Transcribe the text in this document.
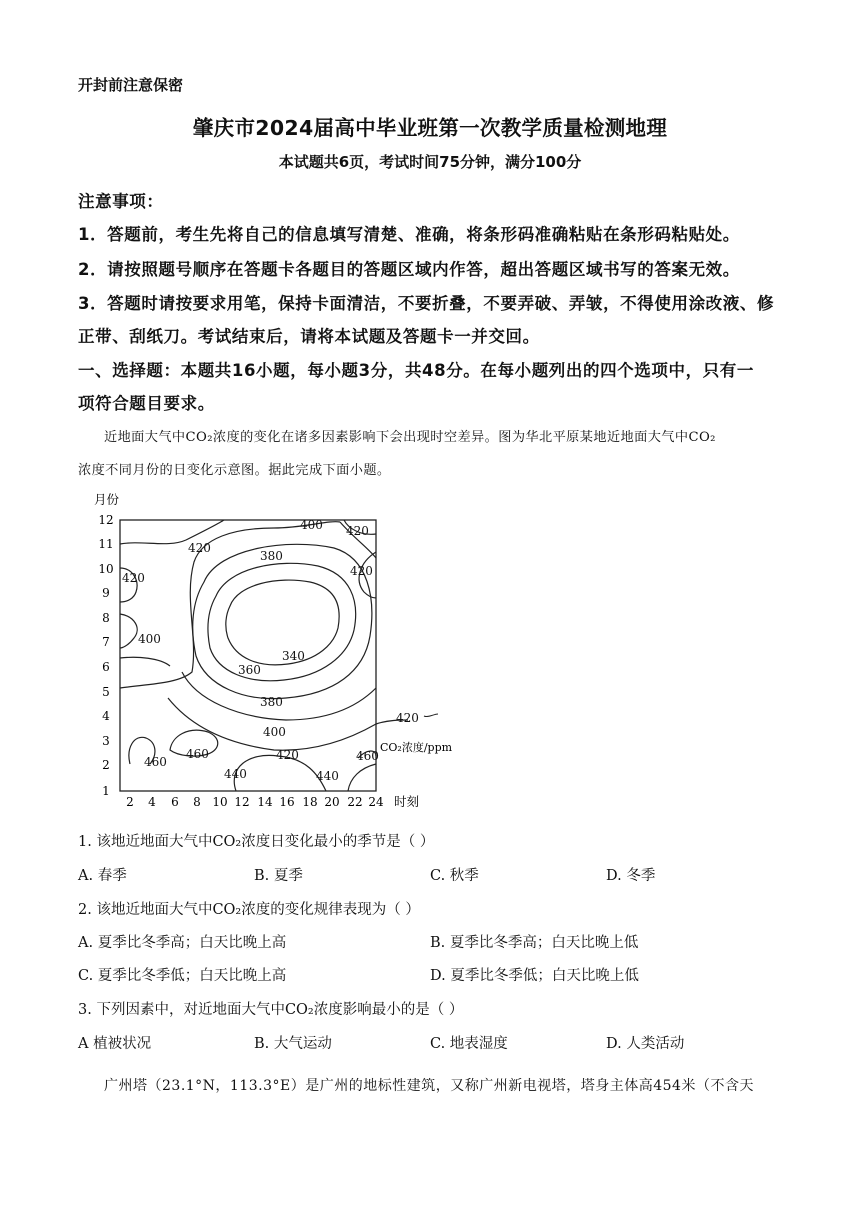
开封前注意保密
肇庆市2024届高中毕业班第一次教学质量检测地理
本试题共6页，考试时间75分钟，满分100分
注意事项：
1．答题前，考生先将自己的信息填写清楚、准确，将条形码准确粘贴在条形码粘贴处。
2．请按照题号顺序在答题卡各题目的答题区域内作答，超出答题区域书写的答案无效。
3．答题时请按要求用笔，保持卡面清洁，不要折叠，不要弄破、弄皱，不得使用涂改液、修
正带、刮纸刀。考试结束后，请将本试题及答题卡一并交回。
一、选择题：本题共16小题，每小题3分，共48分。在每小题列出的四个选项中，只有一
项符合题目要求。
近地面大气中CO₂浓度的变化在诸多因素影响下会出现时空差异。图为华北平原某地近地面大气中CO₂
浓度不同月份的日变化示意图。据此完成下面小题。
月份
12
11
10
9
8
7
6
5
4
3
2
1
2 4 6 8 10 12 14 16 18 20 22 24 时刻
420
420
420
420
420
420
400
400
400
380
380
360
340
440	440
460
460	460
CO₂浓度/ppm
1. 该地近地面大气中CO₂浓度日变化最小的季节是（ ）
A. 春季	B. 夏季	C. 秋季	D. 冬季
2. 该地近地面大气中CO₂浓度的变化规律表现为（ ）
A. 夏季比冬季高；白天比晚上高	B. 夏季比冬季高；白天比晚上低
C. 夏季比冬季低；白天比晚上高	D. 夏季比冬季低；白天比晚上低
3. 下列因素中，对近地面大气中CO₂浓度影响最小的是（ ）
A 植被状况	B. 大气运动	C. 地表湿度	D. 人类活动
广州塔（23.1°N，113.3°E）是广州的地标性建筑，又称广州新电视塔，塔身主体高454米（不含天
